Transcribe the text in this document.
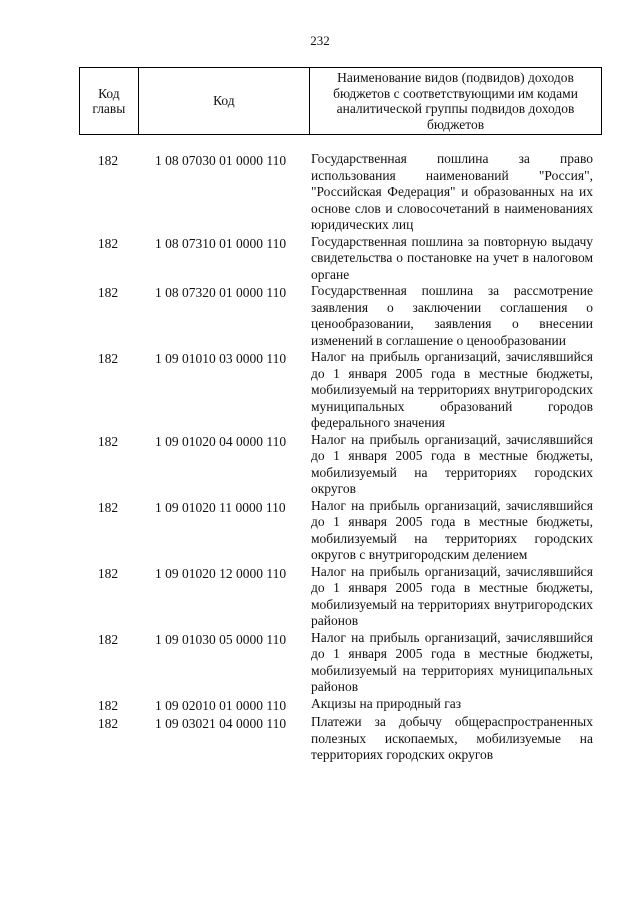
232
Код главы	Код	Наименование видов (подвидов) доходов бюджетов с соответствующими им кодами аналитической группы подвидов доходов бюджетов
182	1 08 07030 01 0000 110	Государственная пошлина за право использования наименований "Россия", "Российская Федерация" и образованных на их основе слов и словосочетаний в наименованиях юридических лиц
182	1 08 07310 01 0000 110	Государственная пошлина за повторную выдачу свидетельства о постановке на учет в налоговом органе
182	1 08 07320 01 0000 110	Государственная пошлина за рассмотрение заявления о заключении соглашения о ценообразовании, заявления о внесении изменений в соглашение о ценообразовании
182	1 09 01010 03 0000 110	Налог на прибыль организаций, зачислявшийся до 1 января 2005 года в местные бюджеты, мобилизуемый на территориях внутригородских муниципальных образований городов федерального значения
182	1 09 01020 04 0000 110	Налог на прибыль организаций, зачислявшийся до 1 января 2005 года в местные бюджеты, мобилизуемый на территориях городских округов
182	1 09 01020 11 0000 110	Налог на прибыль организаций, зачислявшийся до 1 января 2005 года в местные бюджеты, мобилизуемый на территориях городских округов с внутригородским делением
182	1 09 01020 12 0000 110	Налог на прибыль организаций, зачислявшийся до 1 января 2005 года в местные бюджеты, мобилизуемый на территориях внутригородских районов
182	1 09 01030 05 0000 110	Налог на прибыль организаций, зачислявшийся до 1 января 2005 года в местные бюджеты, мобилизуемый на территориях муниципальных районов
182	1 09 02010 01 0000 110	Акцизы на природный газ
182	1 09 03021 04 0000 110	Платежи за добычу общераспространенных полезных ископаемых, мобилизуемые на территориях городских округов
